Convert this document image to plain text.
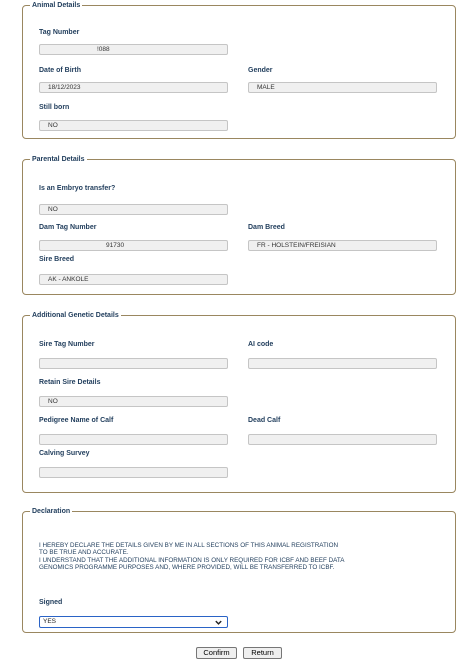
Animal Details
Tag Number
!088
Date of Birth
18/12/2023
Gender
MALE
Still born
NO
Parental Details
Is an Embryo transfer?
NO
Dam Tag Number
91730
Dam Breed
FR - HOLSTEIN/FREISIAN
Sire Breed
AK - ANKOLE
Additional Genetic Details
Sire Tag Number	AI code
Retain Sire Details
NO
Pedigree Name of Calf	Dead Calf
Calving Survey
Declaration
I HEREBY DECLARE THE DETAILS GIVEN BY ME IN ALL SECTIONS OF THIS ANIMAL REGISTRATION
TO BE TRUE AND ACCURATE.
I UNDERSTAND THAT THE ADDITIONAL INFORMATION IS ONLY REQUIRED FOR ICBF AND BEEF DATA
GENOMICS PROGRAMME PURPOSES AND, WHERE PROVIDED, WILL BE TRANSFERRED TO ICBF.
Signed
YES
Confirm	Return
